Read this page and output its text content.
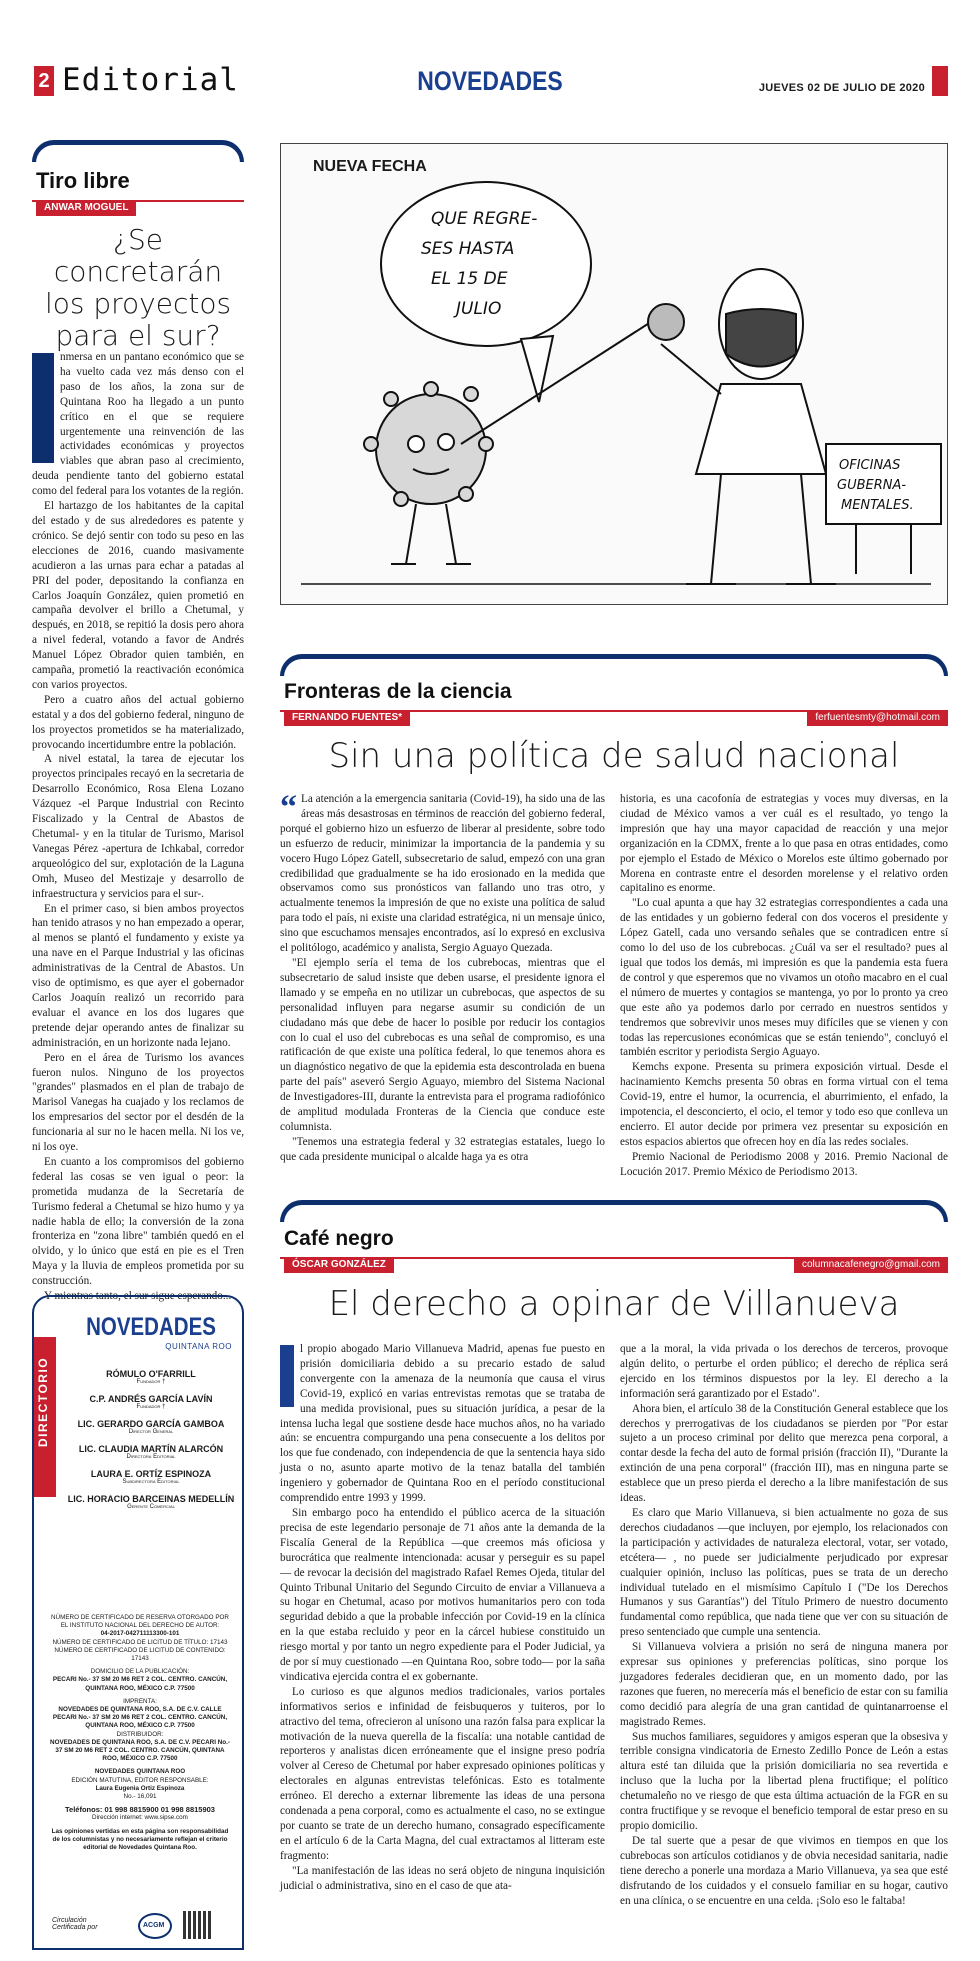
2 Editorial	NOVEDADES	JUEVES 02 DE JULIO DE 2020
Tiro libre
ANWAR MOGUEL
¿Se concretarán los proyectos para el sur?

nmersa en un pantano económico que se ha vuelto cada vez más denso con el paso de los años, la zona sur de Quintana Roo ha llegado a un punto crítico en el que se requiere urgentemente una reinvención de las actividades económicas y proyectos viables que abran paso al crecimiento, deuda pendiente tanto del gobierno estatal como del federal para los votantes de la región.

El hartazgo de los habitantes de la capital del estado y de sus alrededores es patente y crónico. Se dejó sentir con todo su peso en las elecciones de 2016, cuando masivamente acudieron a las urnas para echar a patadas al PRI del poder, depositando la confianza en Carlos Joaquín González, quien prometió en campaña devolver el brillo a Chetumal, y después, en 2018, se repitió la dosis pero ahora a nivel federal, votando a favor de Andrés Manuel López Obrador quien también, en campaña, prometió la reactivación económica con varios proyectos.

Pero a cuatro años del actual gobierno estatal y a dos del gobierno federal, ninguno de los proyectos prometidos se ha materializado, provocando incertidumbre entre la población.

A nivel estatal, la tarea de ejecutar los proyectos principales recayó en la secretaria de Desarrollo Económico, Rosa Elena Lozano Vázquez -el Parque Industrial con Recinto Fiscalizado y la Central de Abastos de Chetumal- y en la titular de Turismo, Marisol Vanegas Pérez -apertura de Ichkabal, corredor arqueológico del sur, explotación de la Laguna Omh, Museo del Mestizaje y desarrollo de infraestructura y servicios para el sur-.

En el primer caso, si bien ambos proyectos han tenido atrasos y no han empezado a operar, al menos se plantó el fundamento y existe ya una nave en el Parque Industrial y las oficinas administrativas de la Central de Abastos. Un viso de optimismo, es que ayer el gobernador Carlos Joaquín realizó un recorrido para evaluar el avance en los dos lugares que pretende dejar operando antes de finalizar su administración, en un horizonte nada lejano.

Pero en el área de Turismo los avances fueron nulos. Ninguno de los proyectos "grandes" plasmados en el plan de trabajo de Marisol Vanegas ha cuajado y los reclamos de los empresarios del sector por el desdén de la funcionaria al sur no le hacen mella. Ni los ve, ni los oye.

En cuanto a los compromisos del gobierno federal las cosas se ven igual o peor: la prometida mudanza de la Secretaría de Turismo federal a Chetumal se hizo humo y ya nadie habla de ello; la conversión de la zona fronteriza en "zona libre" también quedó en el olvido, y lo único que está en pie es el Tren Maya y la lluvia de empleos prometida por su construcción.

Y mientras tanto, el sur sigue esperando...

DIRECTORIO
NOVEDADES
QUINTANA ROO
RÓMULO O'FARRILL
Fundador †
C.P. ANDRÉS GARCÍA LAVÍN
Fundador †
LIC. GERARDO GARCÍA GAMBOA
Director General
LIC. CLAUDIA MARTÍN ALARCÓN
Directora Editorial
LAURA E. ORTÍZ ESPINOZA
Subdirectora Editorial
LIC. HORACIO BARCEINAS MEDELLÍN
Gerente Comercial
NÚMERO DE CERTIFICADO DE RESERVA OTORGADO POR EL INSTITUTO NACIONAL DEL DERECHO DE AUTOR:
04-2017-042711113300-101
NÚMERO DE CERTIFICADO DE LICITUD DE TÍTULO: 17143
NÚMERO DE CERTIFICADO DE LICITUD DE CONTENIDO: 17143
DOMICILIO DE LA PUBLICACIÓN:
PECARI No.- 37 SM 20 M6 RET 2 COL. CENTRO. CANCÚN, QUINTANA ROO, MÉXICO C.P. 77500
IMPRENTA:
NOVEDADES DE QUINTANA ROO, S.A. DE C.V. CALLE PECARI No.- 37 SM 20 M6 RET 2 COL. CENTRO. CANCÚN, QUINTANA ROO, MÉXICO C.P. 77500
DISTRIBUIDOR:
NOVEDADES DE QUINTANA ROO, S.A. DE C.V. PECARI No.- 37 SM 20 M6 RET 2 COL. CENTRO. CANCÚN, QUINTANA ROO, MÉXICO C.P. 77500
NOVEDADES QUINTANA ROO
EDICIÓN MATUTINA, EDITOR RESPONSABLE:
Laura Eugenia Ortiz Espinoza
No.- 16,091
Teléfonos: 01 998 8815900 01 998 8815903
Dirección internet: www.sipse.com
Las opiniones vertidas en esta página son responsabilidad de los columnistas y no necesariamente reflejan el criterio editorial de Novedades Quintana Roo.
Circulación Certificada por	ACGM
NUEVA FECHA
QUE REGRE- SES HASTA EL 15 DE JULIO
OFICINAS GUBERNA- MENTALES.
Fronteras de la ciencia
FERNANDO FUENTES*	ferfuentesmty@hotmail.com
Sin una política de salud nacional

“ La atención a la emergencia sanitaria (Covid-19), ha sido una de las áreas más desastrosas en términos de reacción del gobierno federal, porqué el gobierno hizo un esfuerzo de liberar al presidente, sobre todo un esfuerzo de reducir, minimizar la importancia de la pandemia y su vocero Hugo López Gatell, subsecretario de salud, empezó con una gran credibilidad que gradualmente se ha ido erosionado en la medida que observamos como sus pronósticos van fallando uno tras otro, y actualmente tenemos la impresión de que no existe una política de salud para todo el país, ni existe una claridad estratégica, ni un mensaje único, sino que escuchamos mensajes encontrados, así lo expresó en exclusiva el politólogo, académico y analista, Sergio Aguayo Quezada.

"El ejemplo sería el tema de los cubrebocas, mientras que el subsecretario de salud insiste que deben usarse, el presidente ignora el llamado y se empeña en no utilizar un cubrebocas, que aspectos de su personalidad influyen para negarse asumir su condición de un ciudadano más que debe de hacer lo posible por reducir los contagios con lo cual el uso del cubrebocas es una señal de compromiso, es una ratificación de que existe una política federal, lo que tenemos ahora es un diagnóstico negativo de que la epidemia esta descontrolada en buena parte del país" aseveró Sergio Aguayo, miembro del Sistema Nacional de Investigadores-III, durante la entrevista para el programa radiofónico de amplitud modulada Fronteras de la Ciencia que conduce este columnista.

"Tenemos una estrategia federal y 32 estrategias estatales, luego lo que cada presidente municipal o alcalde haga ya es otra

historia, es una cacofonía de estrategias y voces muy diversas, en la ciudad de México vamos a ver cuál es el resultado, yo tengo la impresión que hay una mayor capacidad de reacción y una mejor organización en la CDMX, frente a lo que pasa en otras entidades, como por ejemplo el Estado de México o Morelos este último gobernado por Morena en contraste entre el desorden morelense y el relativo orden capitalino es enorme.

"Lo cual apunta a que hay 32 estrategias correspondientes a cada una de las entidades y un gobierno federal con dos voceros el presidente y López Gatell, cada uno versando señales que se contradicen entre sí como lo del uso de los cubrebocas. ¿Cuál va ser el resultado? pues al igual que todos los demás, mi impresión es que la pandemia esta fuera de control y que esperemos que no vivamos un otoño macabro en el cual el número de muertes y contagios se mantenga, yo por lo pronto ya creo que este año ya podemos darlo por cerrado en nuestros sentidos y tendremos que sobrevivir unos meses muy difíciles que se vienen y con todas las repercusiones económicas que se están teniendo", concluyó el también escritor y periodista Sergio Aguayo.

Kemchs expone. Presenta su primera exposición virtual. Desde el hacinamiento Kemchs presenta 50 obras en forma virtual con el tema Covid-19, entre el humor, la ocurrencia, el aburrimiento, el enfado, la impotencia, el desconcierto, el ocio, el temor y todo eso que conlleva un encierro. El autor decide por primera vez presentar su exposición en estos espacios abiertos que ofrecen hoy en día las redes sociales.

Premio Nacional de Periodismo 2008 y 2016. Premio Nacional de Locución 2017. Premio México de Periodismo 2013.

Café negro
ÓSCAR GONZÁLEZ	columnacafenegro@gmail.com
El derecho a opinar de Villanueva

l propio abogado Mario Villanueva Madrid, apenas fue puesto en prisión domiciliaria debido a su precario estado de salud convergente con la amenaza de la neumonía que causa el virus Covid-19, explicó en varias entrevistas remotas que se trataba de una medida provisional, pues su situación jurídica, a pesar de la intensa lucha legal que sostiene desde hace muchos años, no ha variado aún: se encuentra compurgando una pena consecuente a los delitos por los que fue condenado, con independencia de que la sentencia haya sido justa o no, asunto aparte motivo de la tenaz batalla del también ingeniero y gobernador de Quintana Roo en el período constitucional comprendido entre 1993 y 1999.

Sin embargo poco ha entendido el público acerca de la situación precisa de este legendario personaje de 71 años ante la demanda de la Fiscalía General de la República —que creemos más oficiosa y burocrática que realmente intencionada: acusar y perseguir es su papel— de revocar la decisión del magistrado Rafael Remes Ojeda, titular del Quinto Tribunal Unitario del Segundo Circuito de enviar a Villanueva a su hogar en Chetumal, acaso por motivos humanitarios pero con toda seguridad debido a que la probable infección por Covid-19 en la clínica en la que estaba recluido y peor en la cárcel hubiese constituido un riesgo mortal y por tanto un negro expediente para el Poder Judicial, ya de por sí muy cuestionado —en Quintana Roo, sobre todo— por la saña vindicativa ejercida contra el ex gobernante.

Lo curioso es que algunos medios tradicionales, varios portales informativos serios e infinidad de feisbuqueros y tuiteros, por lo atractivo del tema, ofrecieron al unísono una razón falsa para explicar la motivación de la nueva querella de la fiscalía: una notable cantidad de reporteros y analistas dicen erróneamente que el insigne preso podría volver al Cereso de Chetumal por haber expresado opiniones políticas y electorales en algunas entrevistas telefónicas. Esto es totalmente erróneo. El derecho a externar libremente las ideas de una persona condenada a pena corporal, como es actualmente el caso, no se extingue por cuanto se trate de un derecho humano, consagrado específicamente en el artículo 6 de la Carta Magna, del cual extractamos al litteram este fragmento:

"La manifestación de las ideas no será objeto de ninguna inquisición judicial o administrativa, sino en el caso de que ata-

que a la moral, la vida privada o los derechos de terceros, provoque algún delito, o perturbe el orden público; el derecho de réplica será ejercido en los términos dispuestos por la ley. El derecho a la información será garantizado por el Estado".

Ahora bien, el artículo 38 de la Constitución General establece que los derechos y prerrogativas de los ciudadanos se pierden por "Por estar sujeto a un proceso criminal por delito que merezca pena corporal, a contar desde la fecha del auto de formal prisión (fracción II), "Durante la extinción de una pena corporal" (fracción III), mas en ninguna parte se establece que un preso pierda el derecho a la libre manifestación de sus ideas.

Es claro que Mario Villanueva, si bien actualmente no goza de sus derechos ciudadanos —que incluyen, por ejemplo, los relacionados con la participación y actividades de naturaleza electoral, votar, ser votado, etcétera— , no puede ser judicialmente perjudicado por expresar cualquier opinión, incluso las políticas, pues se trata de un derecho individual tutelado en el mismísimo Capítulo I ("De los Derechos Humanos y sus Garantías") del Título Primero de nuestro documento fundamental como república, que nada tiene que ver con su situación de preso sentenciado que cumple una sentencia.

Si Villanueva volviera a prisión no será de ninguna manera por expresar sus opiniones y preferencias políticas, sino porque los juzgadores federales decidieran que, en un momento dado, por las razones que fueren, no merecería más el beneficio de estar con su familia como decidió para alegría de una gran cantidad de quintanarroense el magistrado Remes.

Sus muchos familiares, seguidores y amigos esperan que la obsesiva y terrible consigna vindicatoria de Ernesto Zedillo Ponce de León a estas altura esté tan diluida que la prisión domiciliaria no sea revertida e incluso que la lucha por la libertad plena fructifique; el político chetumaleño no ve riesgo de que esta última actuación de la FGR en su contra fructifique y se revoque el beneficio temporal de estar preso en su propio domicilio.

De tal suerte que a pesar de que vivimos en tiempos en que los cubrebocas son artículos cotidianos y de obvia necesidad sanitaria, nadie tiene derecho a ponerle una mordaza a Mario Villanueva, ya sea que esté disfrutando de los cuidados y el consuelo familiar en su hogar, cautivo en una clínica, o se encuentre en una celda. ¡Solo eso le faltaba!
